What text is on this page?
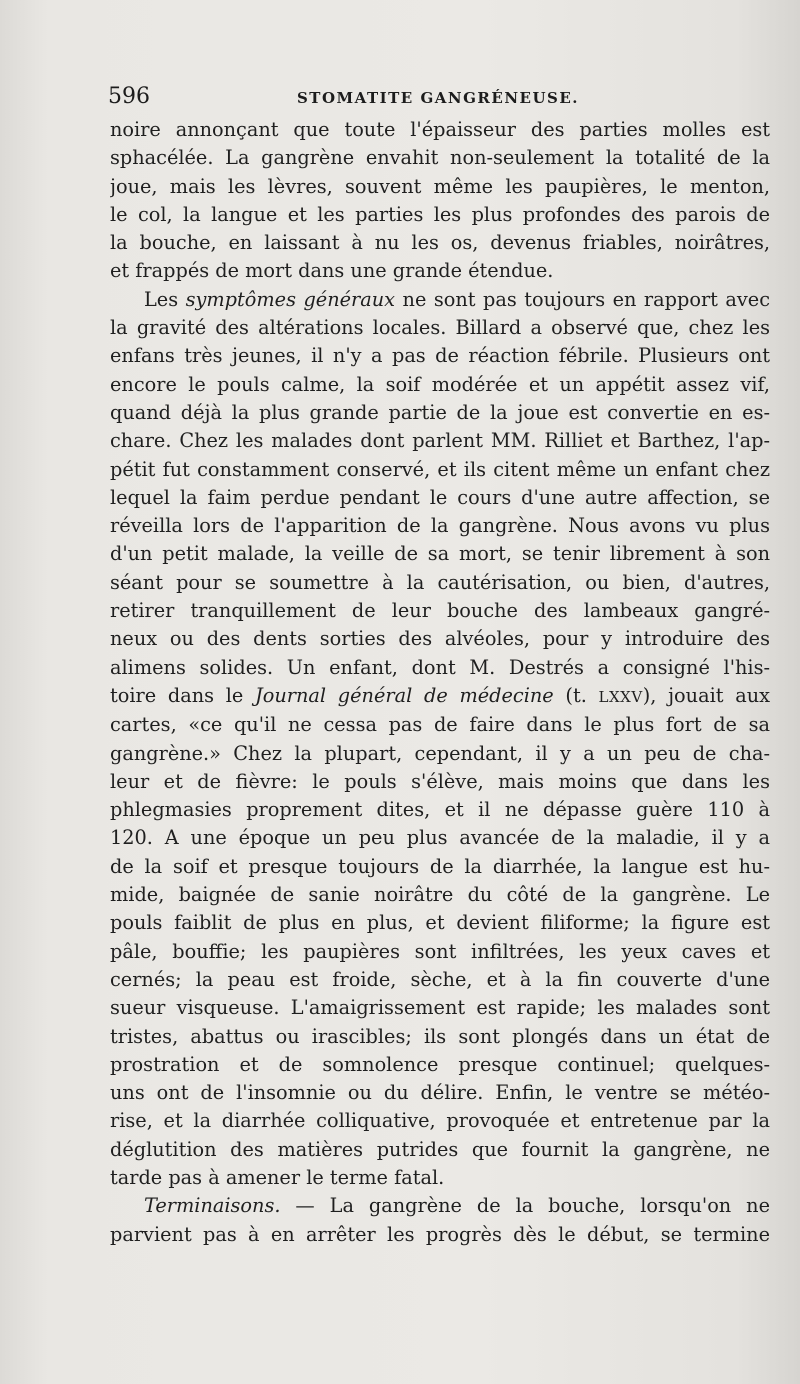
596	STOMATITE GANGRÉNEUSE.

noire annonçant que toute l'épaisseur des parties molles est
sphacélée. La gangrène envahit non-seulement la totalité de la
joue, mais les lèvres, souvent même les paupières, le menton,
le col, la langue et les parties les plus profondes des parois de
la bouche, en laissant à nu les os, devenus friables, noirâtres,
et frappés de mort dans une grande étendue.

Les symptômes généraux ne sont pas toujours en rapport avec
la gravité des altérations locales. Billard a observé que, chez les
enfans très jeunes, il n'y a pas de réaction fébrile. Plusieurs ont
encore le pouls calme, la soif modérée et un appétit assez vif,
quand déjà la plus grande partie de la joue est convertie en es-
chare. Chez les malades dont parlent MM. Rilliet et Barthez, l'ap-
pétit fut constamment conservé, et ils citent même un enfant chez
lequel la faim perdue pendant le cours d'une autre affection, se
réveilla lors de l'apparition de la gangrène. Nous avons vu plus
d'un petit malade, la veille de sa mort, se tenir librement à son
séant pour se soumettre à la cautérisation, ou bien, d'autres,
retirer tranquillement de leur bouche des lambeaux gangré-
neux ou des dents sorties des alvéoles, pour y introduire des
alimens solides. Un enfant, dont M. Destrés a consigné l'his-
toire dans le Journal général de médecine (t. LXXV), jouait aux
cartes, «ce qu'il ne cessa pas de faire dans le plus fort de sa
gangrène.» Chez la plupart, cependant, il y a un peu de cha-
leur et de fièvre: le pouls s'élève, mais moins que dans les
phlegmasies proprement dites, et il ne dépasse guère 110 à
120. A une époque un peu plus avancée de la maladie, il y a
de la soif et presque toujours de la diarrhée, la langue est hu-
mide, baignée de sanie noirâtre du côté de la gangrène. Le
pouls faiblit de plus en plus, et devient filiforme; la figure est
pâle, bouffie; les paupières sont infiltrées, les yeux caves et
cernés; la peau est froide, sèche, et à la fin couverte d'une
sueur visqueuse. L'amaigrissement est rapide; les malades sont
tristes, abattus ou irascibles; ils sont plongés dans un état de
prostration et de somnolence presque continuel; quelques-
uns ont de l'insomnie ou du délire. Enfin, le ventre se météo-
rise, et la diarrhée colliquative, provoquée et entretenue par la
déglutition des matières putrides que fournit la gangrène, ne
tarde pas à amener le terme fatal.

Terminaisons. — La gangrène de la bouche, lorsqu'on ne
parvient pas à en arrêter les progrès dès le début, se termine
